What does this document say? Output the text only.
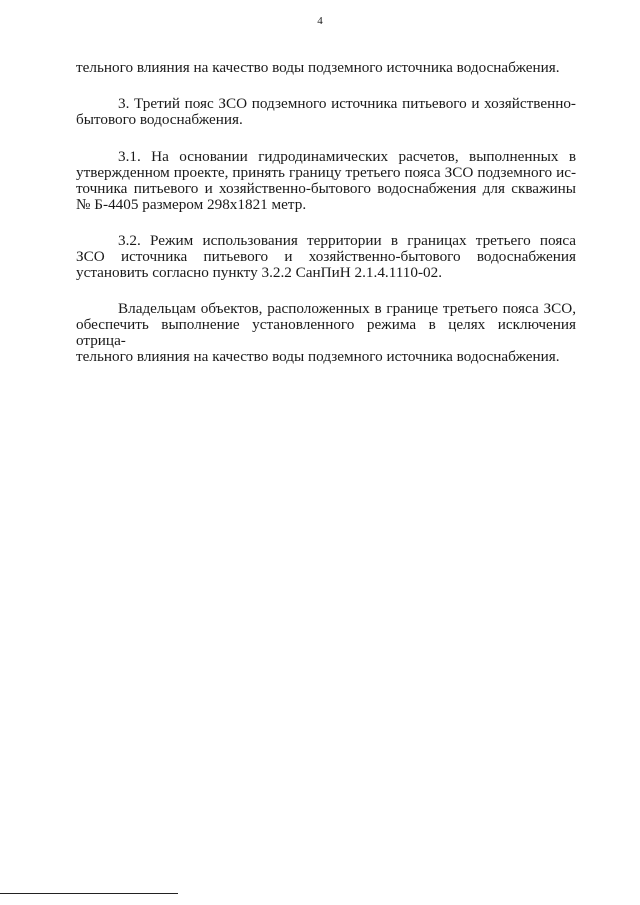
4
тельного влияния на качество воды подземного источника водоснабжения.
3. Третий пояс ЗСО подземного источника питьевого и хозяйственно-
бытового водоснабжения.
3.1. На основании гидродинамических расчетов, выполненных в
утвержденном проекте, принять границу третьего пояса ЗСО подземного ис-
точника питьевого и хозяйственно-бытового водоснабжения для скважины
№ Б-4405 размером 298х1821 метр.
3.2. Режим использования территории в границах третьего пояса
ЗСО источника питьевого и хозяйственно-бытового водоснабжения
установить согласно пункту 3.2.2 СанПиН 2.1.4.1110-02.
Владельцам объектов, расположенных в границе третьего пояса ЗСО,
обеспечить выполнение установленного режима в целях исключения отрица-
тельного влияния на качество воды подземного источника водоснабжения.
